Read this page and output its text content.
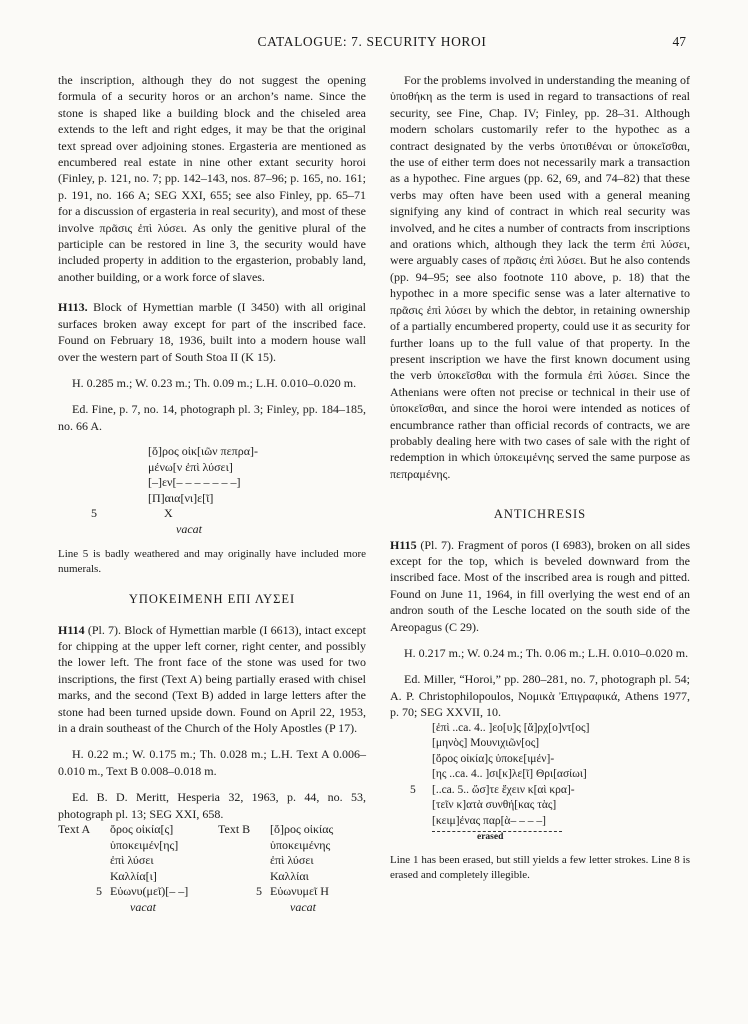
CATALOGUE: 7. SECURITY HOROI	47

the inscription, although they do not suggest the opening formula of a security horos or an archon’s name. Since the stone is shaped like a building block and the chiseled area extends to the left and right edges, it may be that the original text spread over adjoining stones. Ergasteria are mentioned as encumbered real estate in nine other extant security horoi (Finley, p. 121, no. 7; pp. 142–143, nos. 87–96; p. 165, no. 161; p. 191, no. 166 A; SEG XXI, 655; see also Finley, pp. 65–71 for a discussion of ergasteria in real security), and most of these involve πρᾶσις ἐπὶ λύσει. As only the genitive plural of the participle can be restored in line 3, the security would have included property in addition to the ergasterion, probably land, another building, or a work force of slaves.

H113. Block of Hymettian marble (I 3450) with all original surfaces broken away except for part of the inscribed face. Found on February 18, 1936, built into a modern house wall over the western part of South Stoa II (K 15).

H. 0.285 m.; W. 0.23 m.; Th. 0.09 m.; L.H. 0.010–0.020 m.

Ed. Fine, p. 7, no. 14, photograph pl. 3; Finley, pp. 184–185, no. 66 A.

[ὅ]ρος οἰκ[ιῶν πεπρα]-
μένω[ν ἐπὶ λύσει]
[–]εν[– – – – – – –]
[Π]αια[νι]ε[ῖ]
5	X
vacat

Line 5 is badly weathered and may originally have included more numerals.

ΥΠΟΚΕΙΜΕΝΗ ΕΠΙ ΛΥΣΕΙ

H114 (Pl. 7). Block of Hymettian marble (I 6613), intact except for chipping at the upper left corner, right center, and possibly the lower left. The front face of the stone was used for two inscriptions, the first (Text A) being partially erased with chisel marks, and the second (Text B) added in large letters after the stone had been turned upside down. Found on April 22, 1953, in a drain southeast of the Church of the Holy Apostles (P 17).

H. 0.22 m.; W. 0.175 m.; Th. 0.028 m.; L.H. Text A 0.006–0.010 m., Text B 0.008–0.018 m.

Ed. B. D. Meritt, Hesperia 32, 1963, p. 44, no. 53, photograph pl. 13; SEG XXI, 658.

Text A ὅρος οἰκία[ς]
ὑποκειμέν[ης]
ἐπὶ λύσει
Καλλία[ι]
Εὐωνυ(μεῖ)[– –]
vacat
5
Text B [ὅ]ρος οἰκίας
ὑποκειμένης
ἐπὶ λύσει
Καλλίαι
Εὐωνυμεῖ Η
vacat
5

For the problems involved in understanding the meaning of ὑποθήκη as the term is used in regard to transactions of real security, see Fine, Chap. IV; Finley, pp. 28–31. Although modern scholars customarily refer to the hypothec as a contract designated by the verbs ὑποτιθέναι or ὑποκεῖσθαι, the use of either term does not necessarily mark a transaction as a hypothec. Fine argues (pp. 62, 69, and 74–82) that these verbs may often have been used with a general meaning signifying any kind of contract in which real security was involved, and he cites a number of contracts from inscriptions and orations which, although they lack the term ἐπὶ λύσει, were arguably cases of πρᾶσις ἐπὶ λύσει. But he also contends (pp. 94–95; see also footnote 110 above, p. 18) that the hypothec in a more specific sense was a later alternative to πρᾶσις ἐπὶ λύσει by which the debtor, in retaining ownership of a partially encumbered property, could use it as security for further loans up to the full value of that property. In the present inscription we have the first known document using the verb ὑποκεῖσθαι with the formula ἐπὶ λύσει. Since the Athenians were often not precise or technical in their use of ὑποκεῖσθαι, and since the horoi were intended as notices of encumbrance rather than official records of contracts, we are probably dealing here with two cases of sale with the right of redemption in which ὑποκειμένης served the same purpose as πεπραμένης.

ANTICHRESIS

H115 (Pl. 7). Fragment of poros (I 6983), broken on all sides except for the top, which is beveled downward from the inscribed face. Most of the inscribed area is rough and pitted. Found on June 11, 1964, in fill overlying the west end of an andron south of the Lesche located on the south side of the Areopagus (C 29).

H. 0.217 m.; W. 0.24 m.; Th. 0.06 m.; L.H. 0.010–0.020 m.

Ed. Miller, “Horoi,” pp. 280–281, no. 7, photograph pl. 54; A. P. Christophilopoulos, Νομικὰ Ἐπιγραφικά, Athens 1977, p. 70; SEG XXVII, 10.

[ἐπὶ ..ca. 4.. ]εο[υ]ς [ἄ]ρχ[ο]ντ[ος]
[μηνὸς] Μουνιχιῶν[ος]
[ὅρος οἰκία]ς ὑποκε[ιμέν]-
[ης ..ca. 4.. ]σι[κ]λε[ῖ] Θρι[ασίωι]
5 [..ca. 5.. ὥσ]τε ἔχειν κ[αὶ κρα]-
[τεῖν κ]ατὰ συνθή[κας τὰς]
[κειμ]ένας παρ[ὰ– – – –]
erased

Line 1 has been erased, but still yields a few letter strokes. Line 8 is erased and completely illegible.
